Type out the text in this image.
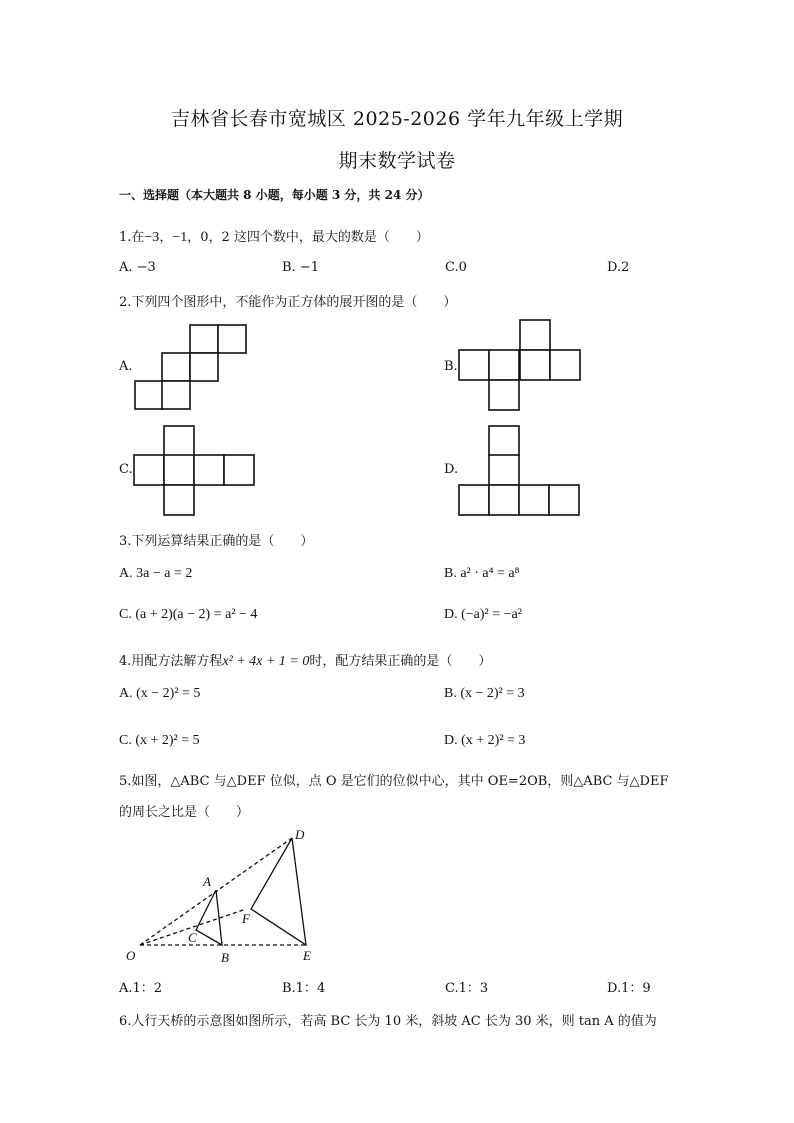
吉林省长春市宽城区 2025-2026 学年九年级上学期
期末数学试卷
一、选择题（本大题共 8 小题，每小题 3 分，共 24 分）
1.在−3，−1，0，2 这四个数中，最大的数是（　　）
A. −3	B. −1	C.0	D.2
2.下列四个图形中，不能作为正方体的展开图的是（　　）
A.	B.
C.	D.
3.下列运算结果正确的是（　　）
A. 3a − a = 2	B. a² · a⁴ = a⁸
C. (a + 2)(a − 2) = a² − 4	D. (−a)² = −a²
4.用配方法解方程x² + 4x + 1 = 0时，配方结果正确的是（　　）
A. (x − 2)² = 5	B. (x − 2)² = 3
C. (x + 2)² = 5	D. (x + 2)² = 3
5.如图，△ABC 与△DEF 位似，点 O 是它们的位似中心，其中 OE=2OB，则△ABC 与△DEF
的周长之比是（　　）
O
A
B
C
D
E
F
A.1：2	B.1：4	C.1：3	D.1：9
6.人行天桥的示意图如图所示，若高 BC 长为 10 米，斜坡 AC 长为 30 米，则 tan A 的值为
